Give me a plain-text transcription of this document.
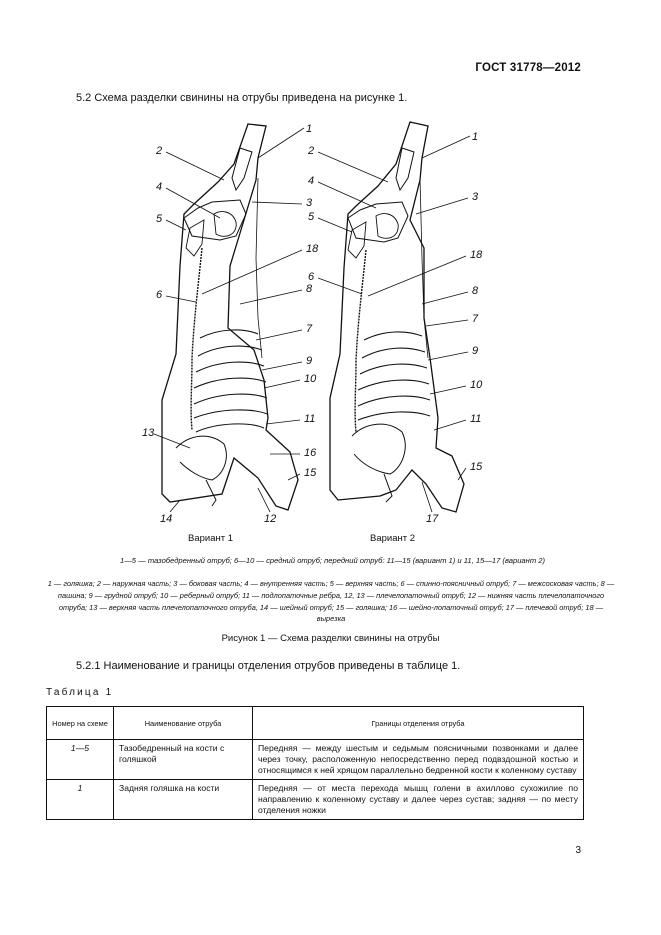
ГОСТ 31778—2012
5.2 Схема разделки свинины на отрубы приведена на рисунке 1.
1
2
3
4
5
18
6	8
7
9
10
11
13
16
15
14	12
1
2
3
4
5
18
6
8
7
9
10
11
15
17
Вариант 1	Вариант 2
1—5 — тазобедренный отруб; 6—10 — средний отруб; передний отруб: 11—15 (вариант 1) и 11, 15—17 (вариант 2)
1 — голяшка; 2 — наружная часть; 3 — боковая часть; 4 — внутренняя часть; 5 — верхняя часть; 6 — спинно-поясничный отруб; 7 — межсосковая часть; 8 — пашина; 9 — грудной отруб; 10 — реберный отруб; 11 — подлопаточные ребра, 12, 13 — плечелопаточный отруб; 12 — нижняя часть плечелопаточного отруба; 13 — верхняя часть плечелопаточного отруба, 14 — шейный отруб; 15 — голяшка; 16 — шейно-лопаточный отруб; 17 — плечевой отруб; 18 — вырезка
Рисунок 1 — Схема разделки свинины на отрубы
5.2.1 Наименование и границы отделения отрубов приведены в таблице 1.
Таблица 1
Номер на схеме	Наименование отруба	Границы отделения отруба
1—5	Тазобедренный на кости с голяшкой	Передняя — между шестым и седьмым поясничными позвонками и далее через точку, расположенную непосредственно перед подвздошной костью и относящимся к ней хрящом параллельно бедренной кости к коленному суставу
1	Задняя голяшка на кости	Передняя — от места перехода мышц голени в ахиллово сухожилие по направлению к коленному суставу и далее через сустав; задняя — по месту отделения ножки
3
